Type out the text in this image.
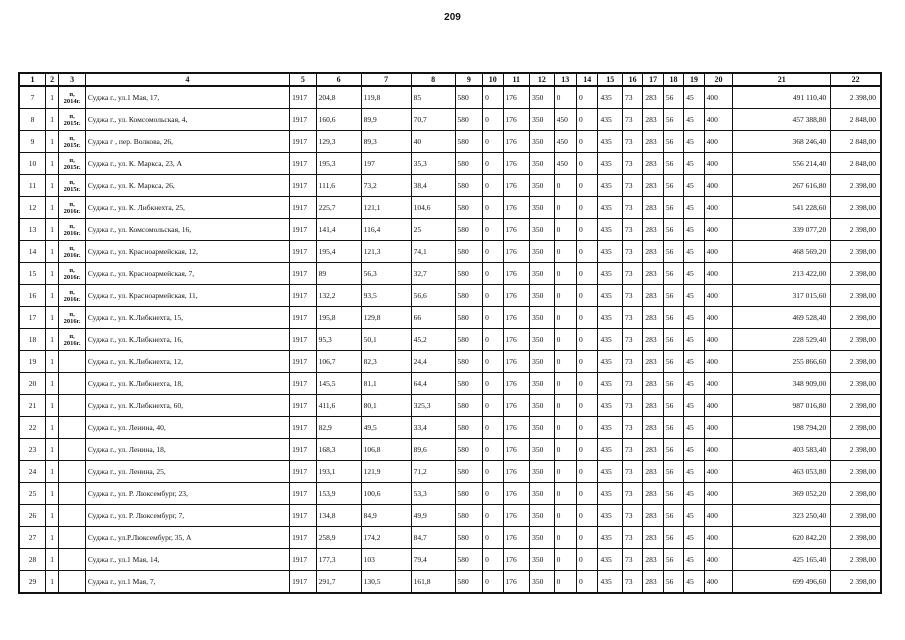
209
1	2	3	4	5	6	7	8	9	10	11	12	13	14	15	16	17	18	19	20	21	22
7	1	п, 2014г.	Суджа г., ул.1 Мая, 17,	1917	204,8	119,8	85	580	0	176	350	0	0	435	73	283	56	45	400	491 110,40	2 398,00
8	1	п, 2015г.	Суджа г., ул. Комсомольская, 4,	1917	160,6	89,9	70,7	580	0	176	350	450	0	435	73	283	56	45	400	457 388,80	2 848,00
9	1	п, 2015г.	Суджа г , пер. Волкова, 26,	1917	129,3	89,3	40	580	0	176	350	450	0	435	73	283	56	45	400	368 246,40	2 848,00
10	1	п, 2015г.	Суджа г., ул. К. Маркса, 23, А	1917	195,3	197	35,3	580	0	176	350	450	0	435	73	283	56	45	400	556 214,40	2 848,00
11	1	п, 2015г.	Суджа г., ул. К. Маркса, 26,	1917	111,6	73,2	38,4	580	0	176	350	0	0	435	73	283	56	45	400	267 616,80	2 398,00
12	1	п, 2016г.	Суджа г., ул. К. Либкнехта, 25,	1917	225,7	121,1	104,6	580	0	176	350	0	0	435	73	283	56	45	400	541 228,60	2 398,00
13	1	п, 2016г.	Суджа г., ул. Комсомольская, 16,	1917	141,4	116,4	25	580	0	176	350	0	0	435	73	283	56	45	400	339 077,20	2 398,00
14	1	п, 2016г.	Суджа г., ул. Красноармейская, 12,	1917	195,4	121,3	74,1	580	0	176	350	0	0	435	73	283	56	45	400	468 569,20	2 398,00
15	1	п, 2016г.	Суджа г., ул. Красноармейская, 7,	1917	89	56,3	32,7	580	0	176	350	0	0	435	73	283	56	45	400	213 422,00	2 398,00
16	1	п, 2016г.	Суджа г., ул. Красноармейская, 11,	1917	132,2	93,5	56,6	580	0	176	350	0	0	435	73	283	56	45	400	317 015,60	2 398,00
17	1	п, 2016г.	Суджа г., ул. К.Либкнехта, 15,	1917	195,8	129,8	66	580	0	176	350	0	0	435	73	283	56	45	400	469 528,40	2 398,00
18	1	п, 2016г.	Суджа г., ул. К.Либкнехта, 16,	1917	95,3	50,1	45,2	580	0	176	350	0	0	435	73	283	56	45	400	228 529,40	2 398,00
19	1		Суджа г., ул. К.Либкнехта, 12,	1917	106,7	82,3	24,4	580	0	176	350	0	0	435	73	283	56	45	400	255 866,60	2 398,00
20	1		Суджа г., ул. К.Либкнехта, 18,	1917	145,5	81,1	64,4	580	0	176	350	0	0	435	73	283	56	45	400	348 909,00	2 398,00
21	1		Суджа г., ул. К.Либкнехта, 60,	1917	411,6	80,1	325,3	580	0	176	350	0	0	435	73	283	56	45	400	987 016,80	2 398,00
22	1		Суджа г., ул. Ленина, 40,	1917	82,9	49,5	33,4	580	0	176	350	0	0	435	73	283	56	45	400	198 794,20	2 398,00
23	1		Суджа г., ул. Ленина, 18,	1917	168,3	106,8	89,6	580	0	176	350	0	0	435	73	283	56	45	400	403 583,40	2 398,00
24	1		Суджа г., ул. Ленина, 25,	1917	193,1	121,9	71,2	580	0	176	350	0	0	435	73	283	56	45	400	463 053,80	2 398,00
25	1		Суджа г., ул. Р. Люксембург, 23,	1917	153,9	100,6	53,3	580	0	176	350	0	0	435	73	283	56	45	400	369 052,20	2 398,00
26	1		Суджа г., ул. Р. Люксембург, 7,	1917	134,8	84,9	49,9	580	0	176	350	0	0	435	73	283	56	45	400	323 250,40	2 398,00
27	1		Суджа г., ул.Р.Люксембург, 35, А	1917	258,9	174,2	84,7	580	0	176	350	0	0	435	73	283	56	45	400	620 842,20	2 398,00
28	1		Суджа г., ул.1 Мая, 14,	1917	177,3	103	79,4	580	0	176	350	0	0	435	73	283	56	45	400	425 165,40	2 398,00
29	1		Суджа г., ул.1 Мая, 7,	1917	291,7	130,5	161,8	580	0	176	350	0	0	435	73	283	56	45	400	699 496,60	2 398,00
